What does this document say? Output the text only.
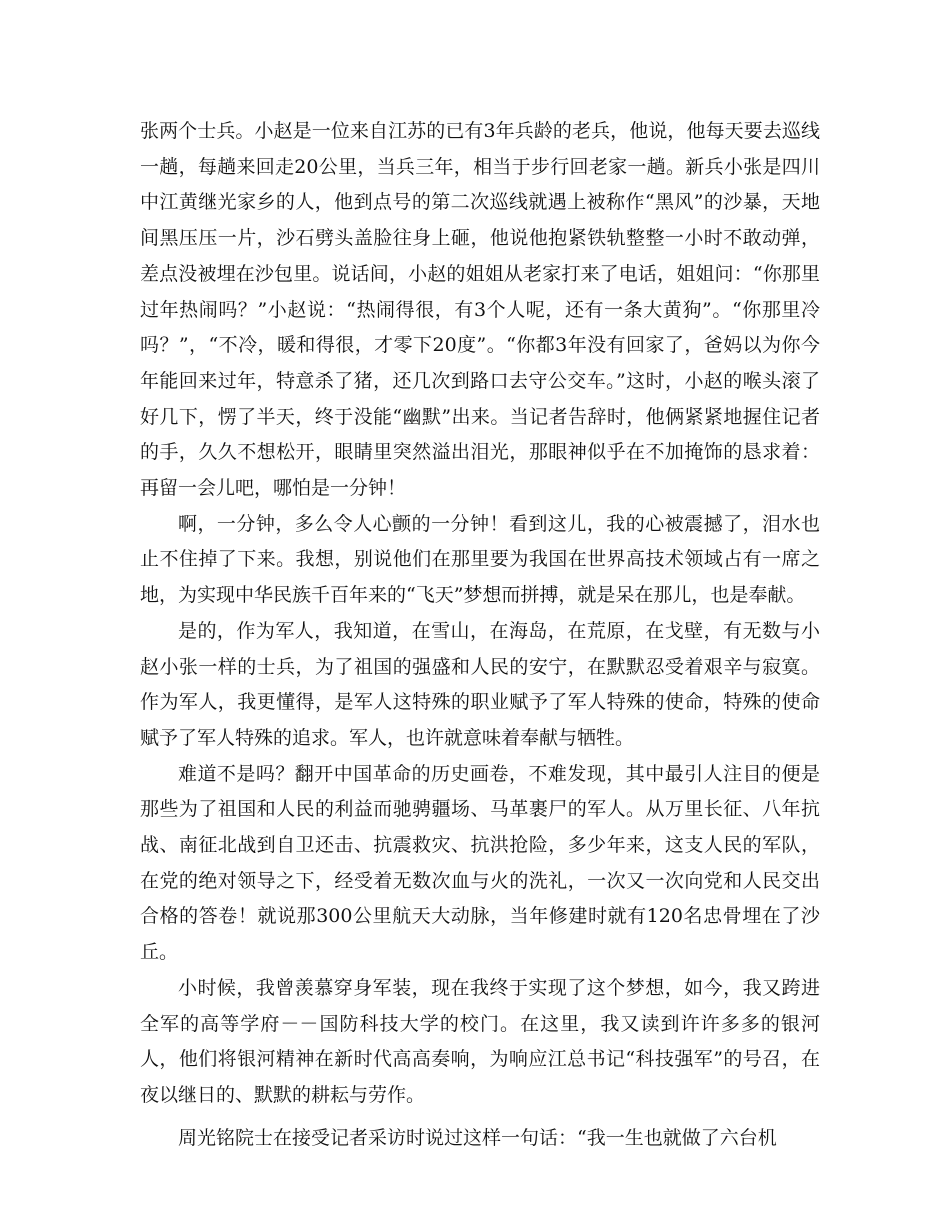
张两个士兵。小赵是一位来自江苏的已有3年兵龄的老兵，他说，他每天要去巡线一趟，每趟来回走20公里，当兵三年，相当于步行回老家一趟。新兵小张是四川中江黄继光家乡的人，他到点号的第二次巡线就遇上被称作“黑风”的沙暴，天地间黑压压一片，沙石劈头盖脸往身上砸，他说他抱紧铁轨整整一小时不敢动弹，差点没被埋在沙包里。说话间，小赵的姐姐从老家打来了电话，姐姐问：“你那里过年热闹吗？”小赵说：“热闹得很，有3个人呢，还有一条大黄狗”。“你那里冷吗？”，“不冷，暖和得很，才零下20度”。“你都3年没有回家了，爸妈以为你今年能回来过年，特意杀了猪，还几次到路口去守公交车。”这时，小赵的喉头滚了好几下，愣了半天，终于没能“幽默”出来。当记者告辞时，他俩紧紧地握住记者的手，久久不想松开，眼睛里突然溢出泪光，那眼神似乎在不加掩饰的恳求着：再留一会儿吧，哪怕是一分钟！

啊，一分钟，多么令人心颤的一分钟！看到这儿，我的心被震撼了，泪水也止不住掉了下来。我想，别说他们在那里要为我国在世界高技术领域占有一席之地，为实现中华民族千百年来的“飞天”梦想而拼搏，就是呆在那儿，也是奉献。

是的，作为军人，我知道，在雪山，在海岛，在荒原，在戈壁，有无数与小赵小张一样的士兵，为了祖国的强盛和人民的安宁，在默默忍受着艰辛与寂寞。作为军人，我更懂得，是军人这特殊的职业赋予了军人特殊的使命，特殊的使命赋予了军人特殊的追求。军人，也许就意味着奉献与牺牲。

难道不是吗？翻开中国革命的历史画卷，不难发现，其中最引人注目的便是那些为了祖国和人民的利益而驰骋疆场、马革裹尸的军人。从万里长征、八年抗战、南征北战到自卫还击、抗震救灾、抗洪抢险，多少年来，这支人民的军队，在党的绝对领导之下，经受着无数次血与火的洗礼，一次又一次向党和人民交出合格的答卷！就说那300公里航天大动脉，当年修建时就有120名忠骨埋在了沙丘。

小时候，我曾羡慕穿身军装，现在我终于实现了这个梦想，如今，我又跨进全军的高等学府－－国防科技大学的校门。在这里，我又读到许许多多的银河人，他们将银河精神在新时代高高奏响，为响应江总书记“科技强军”的号召，在夜以继日的、默默的耕耘与劳作。

周光铭院士在接受记者采访时说过这样一句话：“我一生也就做了六台机
